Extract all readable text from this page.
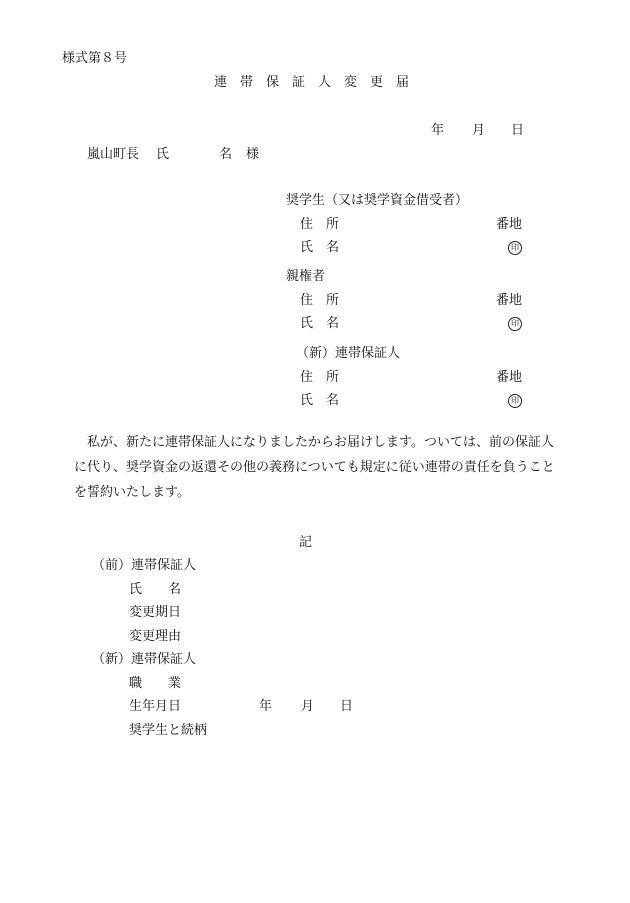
様式第８号
連　帯　保　証　人　変　更　届
年 月 日
嵐山町長 氏	名 様
奨学生（又は奨学資金借受者）
住　所	番地
氏　名	印
親権者
住　所	番地
氏　名	印
（新）連帯保証人
住　所	番地
氏　名	印
　私が、新たに連帯保証人になりましたからお届けします。ついては、前の保証人
に代り、奨学資金の返還その他の義務についても規定に従い連帯の責任を負うこと
を誓約いたします。
記
（前）連帯保証人
氏　　名
変更期日
変更理由
（新）連帯保証人
職　　業
生年月日	年 月 日
奨学生と続柄
